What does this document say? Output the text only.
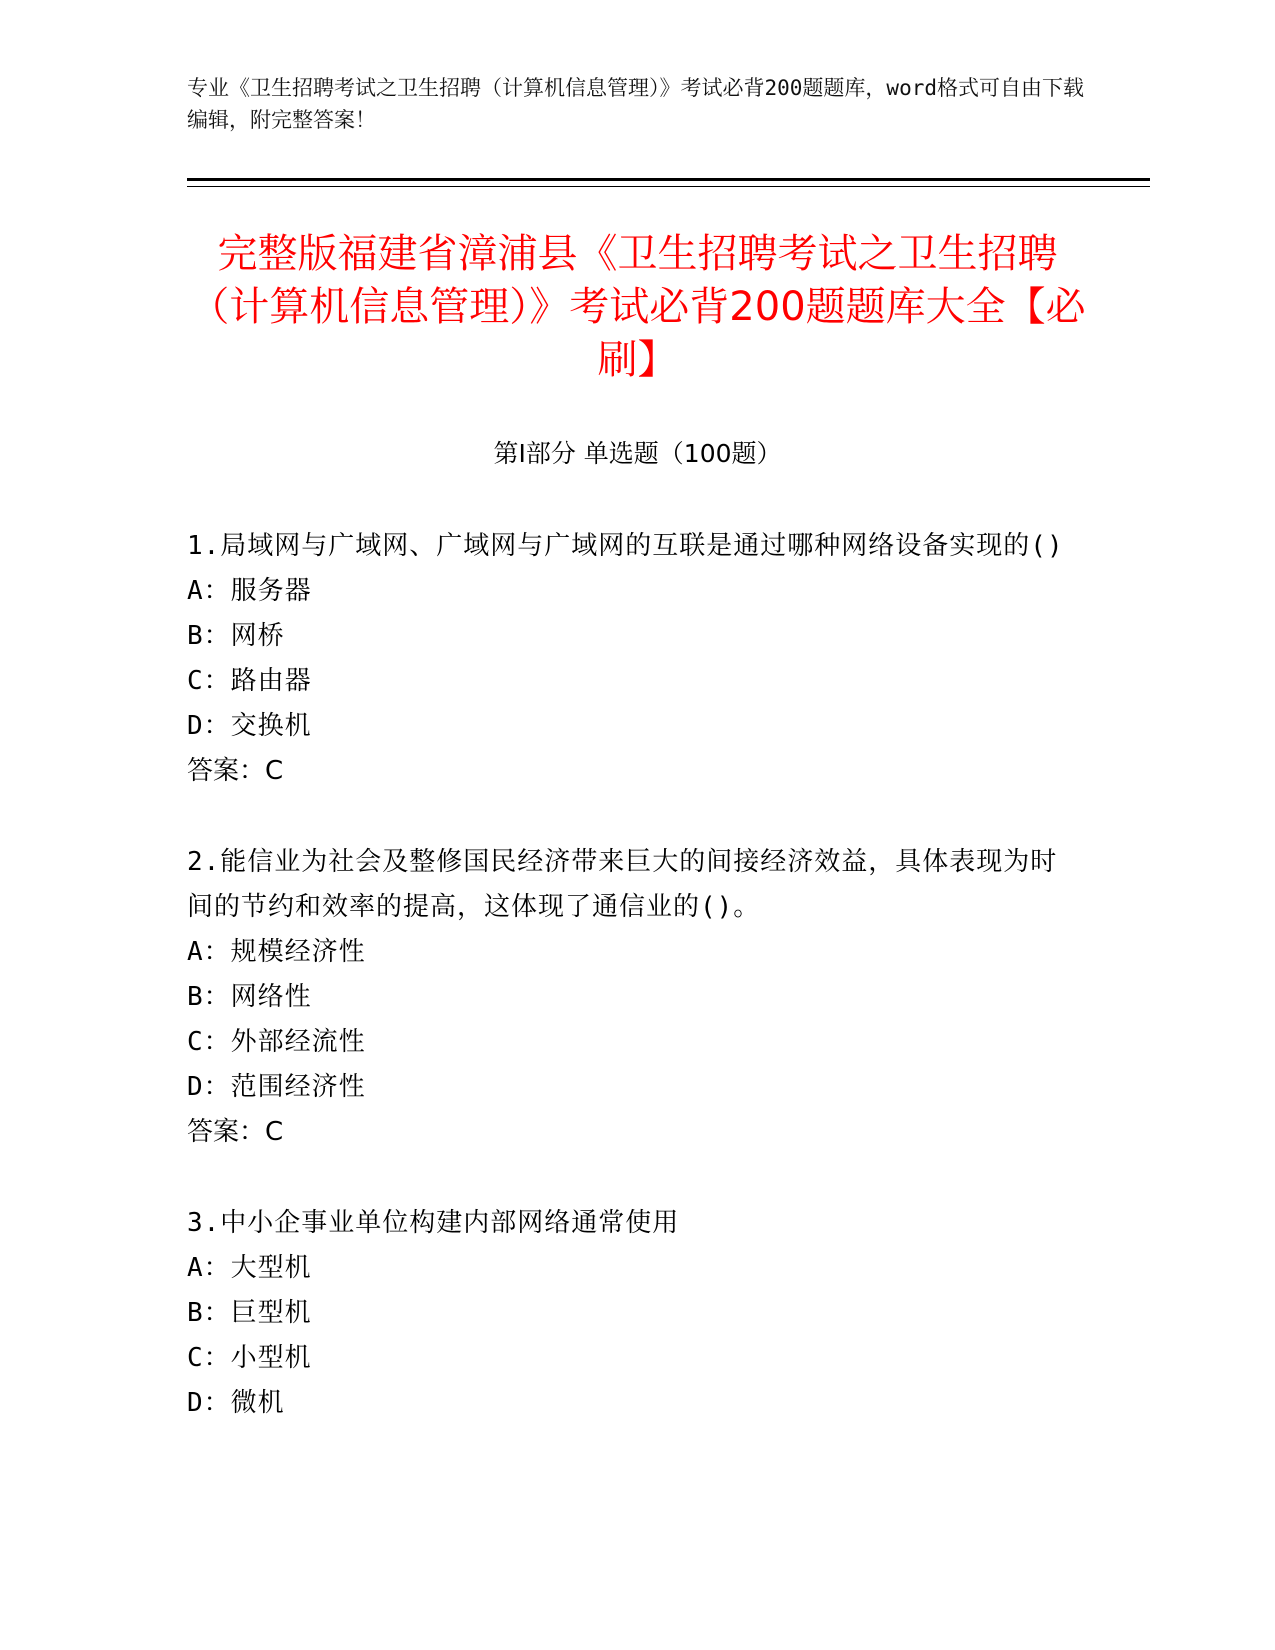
专业《卫生招聘考试之卫生招聘（计算机信息管理）》考试必背200题题库，word格式可自由下载编辑，附完整答案！
完整版福建省漳浦县《卫生招聘考试之卫生招聘（计算机信息管理）》考试必背200题题库大全【必刷】
第Ⅰ部分 单选题（100题）
1.局域网与广域网、广域网与广域网的互联是通过哪种网络设备实现的()
A：服务器
B：网桥
C：路由器
D：交换机
答案：C
2.能信业为社会及整修国民经济带来巨大的间接经济效益，具体表现为时间的节约和效率的提高，这体现了通信业的()。
A：规模经济性
B：网络性
C：外部经流性
D：范围经济性
答案：C
3.中小企事业单位构建内部网络通常使用
A：大型机
B：巨型机
C：小型机
D：微机
